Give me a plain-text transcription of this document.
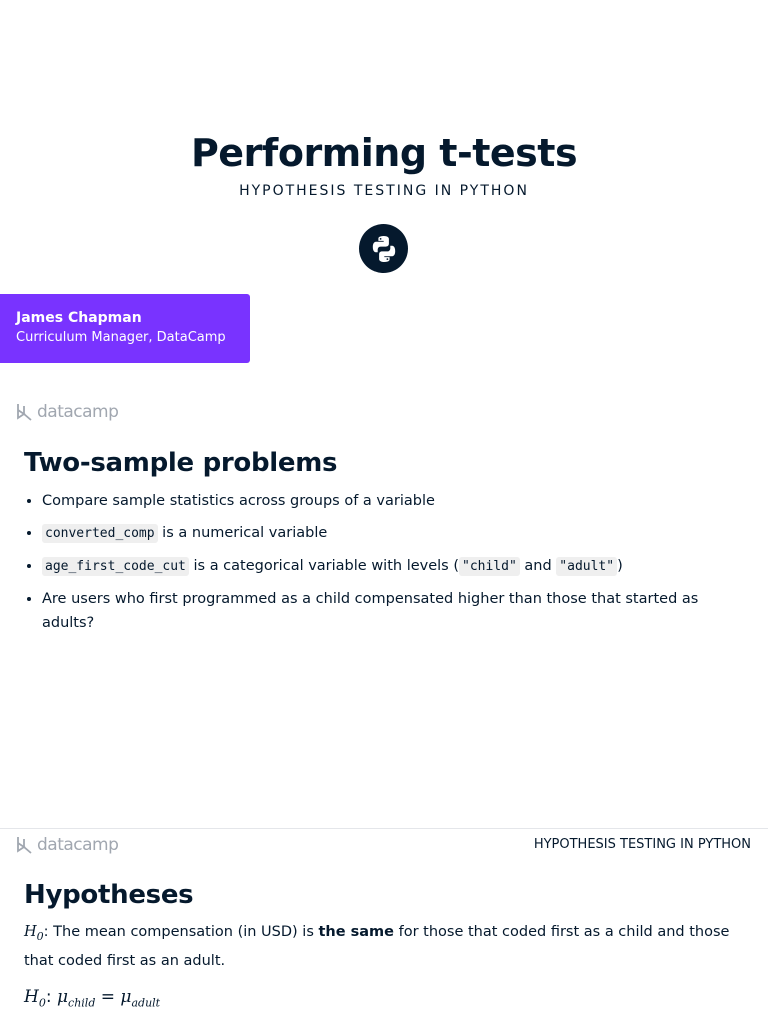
Performing t-tests
HYPOTHESIS TESTING IN PYTHON
James Chapman
Curriculum Manager, DataCamp
datacamp
Two-sample problems
• Compare sample statistics across groups of a variable
• converted_comp is a numerical variable
• age_first_code_cut is a categorical variable with levels ( "child" and "adult" )
• Are users who first programmed as a child compensated higher than those that started as adults?
datacamp	HYPOTHESIS TESTING IN PYTHON
Hypotheses
$H_0$: The mean compensation (in USD) is the same for those that coded first as a child and those that coded first as an adult.
$H_0$: $\mu_{child} = \mu_{adult}$
